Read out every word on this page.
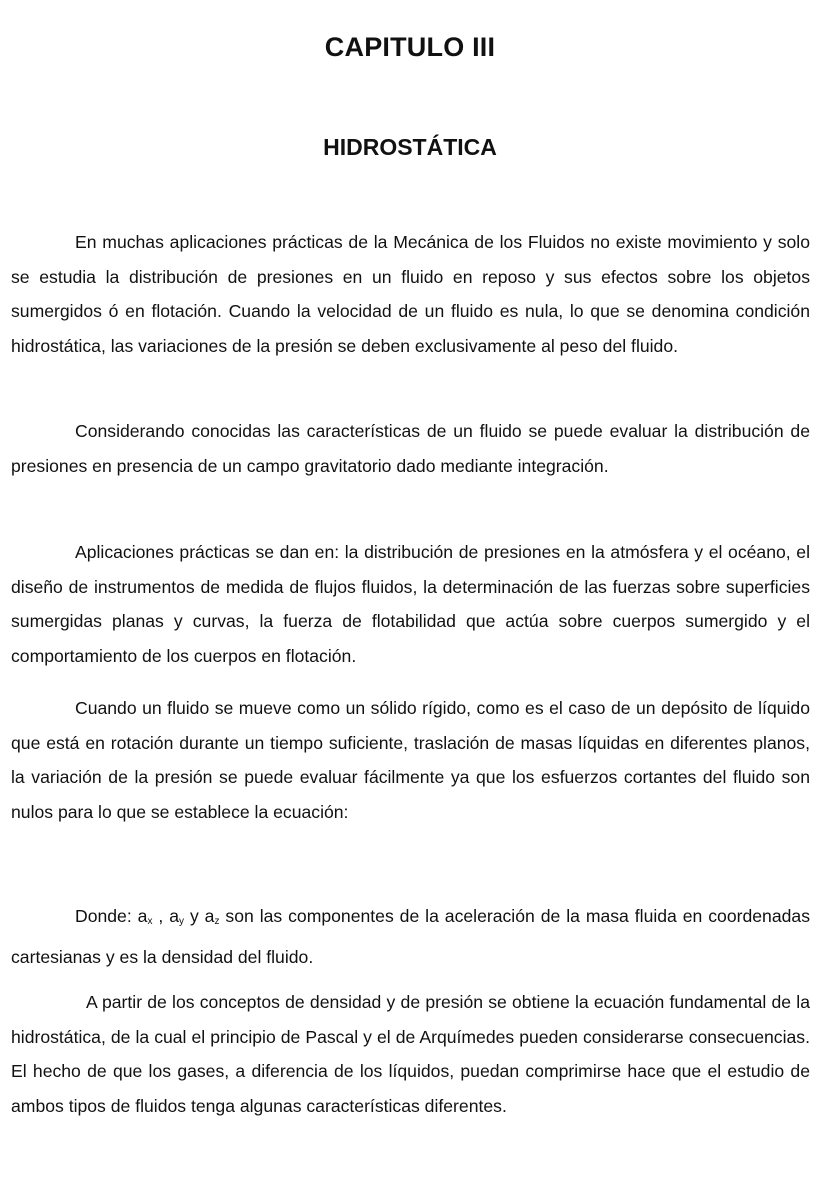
CAPITULO III
HIDROSTÁTICA

En muchas aplicaciones prácticas de la Mecánica de los Fluidos no existe movimiento y solo se estudia la distribución de presiones en un fluido en reposo y sus efectos sobre los objetos sumergidos ó en flotación. Cuando la velocidad de un fluido es nula, lo que se denomina condición hidrostática, las variaciones de la presión se deben exclusivamente al peso del fluido.

Considerando conocidas las características de un fluido se puede evaluar la distribución de presiones en presencia de un campo gravitatorio dado mediante integración.

Aplicaciones prácticas se dan en: la distribución de presiones en la atmósfera y el océano, el diseño de instrumentos de medida de flujos fluidos, la determinación de las fuerzas sobre superficies sumergidas planas y curvas, la fuerza de flotabilidad que actúa sobre cuerpos sumergido y el comportamiento de los cuerpos en flotación.

Cuando un fluido se mueve como un sólido rígido, como es el caso de un depósito de líquido que está en rotación durante un tiempo suficiente, traslación de masas líquidas en diferentes planos, la variación de la presión se puede evaluar fácilmente ya que los esfuerzos cortantes del fluido son nulos para lo que se establece la ecuación:

Donde: $a_x$ , $a_y$ y $a_z$ son las componentes de la aceleración de la masa fluida en coordenadas cartesianas y es la densidad del fluido.

A partir de los conceptos de densidad y de presión se obtiene la ecuación fundamental de la hidrostática, de la cual el principio de Pascal y el de Arquímedes pueden considerarse consecuencias. El hecho de que los gases, a diferencia de los líquidos, puedan comprimirse hace que el estudio de ambos tipos de fluidos tenga algunas características diferentes.
